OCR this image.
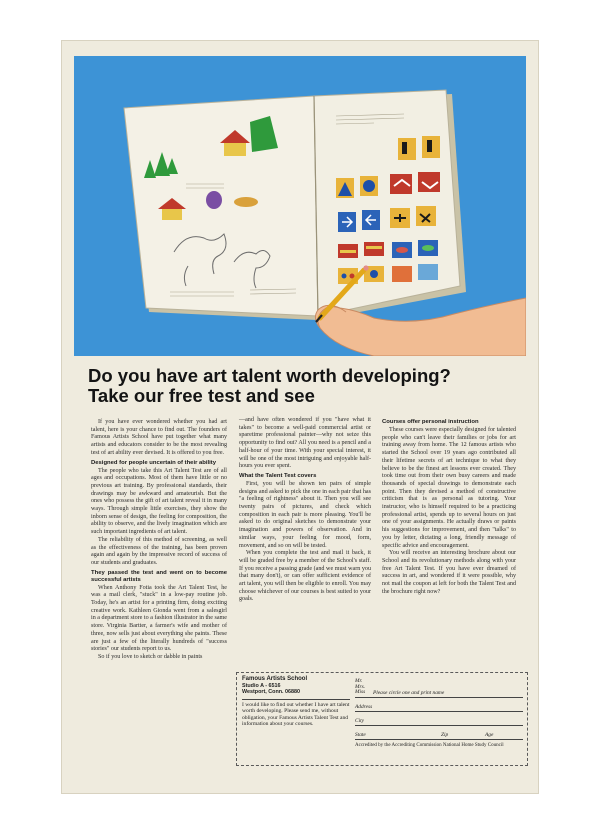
Do you have art talent worth developing?
Take our free test and see

If you have ever wondered whether you had art talent, here is your chance to find out. The founders of Famous Artists School have put together what many artists and educators consider to be the most revealing test of art ability ever devised. It is offered to you free.

Designed for people uncertain of their ability

The people who take this Art Talent Test are of all ages and occupations. Most of them have little or no previous art training. By professional standards, their drawings may be awkward and amateurish. But the ones who possess the gift of art talent reveal it in many ways. Through simple little exercises, they show the inborn sense of design, the feeling for composition, the ability to observe, and the lively imagination which are such important ingredients of art talent.

The reliability of this method of screening, as well as the effectiveness of the training, has been proven again and again by the impressive record of success of our students and graduates.

They passed the test and went on to become successful artists

When Anthony Fotia took the Art Talent Test, he was a mail clerk, "stuck" in a low-pay routine job. Today, he's an artist for a printing firm, doing exciting creative work. Kathleen Gionda went from a salesgirl in a department store to a fashion illustrator in the same store. Virginia Bartter, a farmer's wife and mother of three, now sells just about everything she paints. These are just a few of the literally hundreds of "success stories" our students report to us.

So if you love to sketch or dabble in paints

—and have often wondered if you "have what it takes" to become a well-paid commercial artist or sparetime professional painter—why not seize this opportunity to find out? All you need is a pencil and a half-hour of your time. With your special interest, it will be one of the most intriguing and enjoyable half-hours you ever spent.

What the Talent Test covers

First, you will be shown ten pairs of simple designs and asked to pick the one in each pair that has "a feeling of rightness" about it. Then you will see twenty pairs of pictures, and check which composition in each pair is more pleasing. You'll be asked to do original sketches to demonstrate your imagination and powers of observation. And in similar ways, your feeling for mood, form, movement, and so on will be tested.

When you complete the test and mail it back, it will be graded free by a member of the School's staff. If you receive a passing grade (and we must warn you that many don't), or can offer sufficient evidence of art talent, you will then be eligible to enroll. You may choose whichever of our courses is best suited to your goals.

Courses offer personal instruction

These courses were especially designed for talented people who can't leave their families or jobs for art training away from home. The 12 famous artists who started the School over 19 years ago contributed all their lifetime secrets of art technique to what they believe to be the finest art lessons ever created. They took time out from their own busy careers and made thousands of special drawings to demonstrate each point. Then they devised a method of constructive criticism that is as personal as tutoring. Your instructor, who is himself required to be a practicing professional artist, spends up to several hours on just one of your assignments. He actually draws or paints his suggestions for improvement, and then "talks" to you by letter, dictating a long, friendly message of specific advice and encouragement.

You will receive an interesting brochure about our School and its revolutionary methods along with your free Art Talent Test. If you have ever dreamed of success in art, and wondered if it were possible, why not mail the coupon at left for both the Talent Test and the brochure right now?

Famous Artists School
Studio A - 6516
Westport, Conn. 06880
I would like to find out whether I have art talent worth developing. Please send me, without obligation, your Famous Artists Talent Test and information about your courses.
Mr.
Mrs.
Miss Please circle one and print name
Address
City
State	Zip	Age
Accredited by the Accrediting Commission National Home Study Council
